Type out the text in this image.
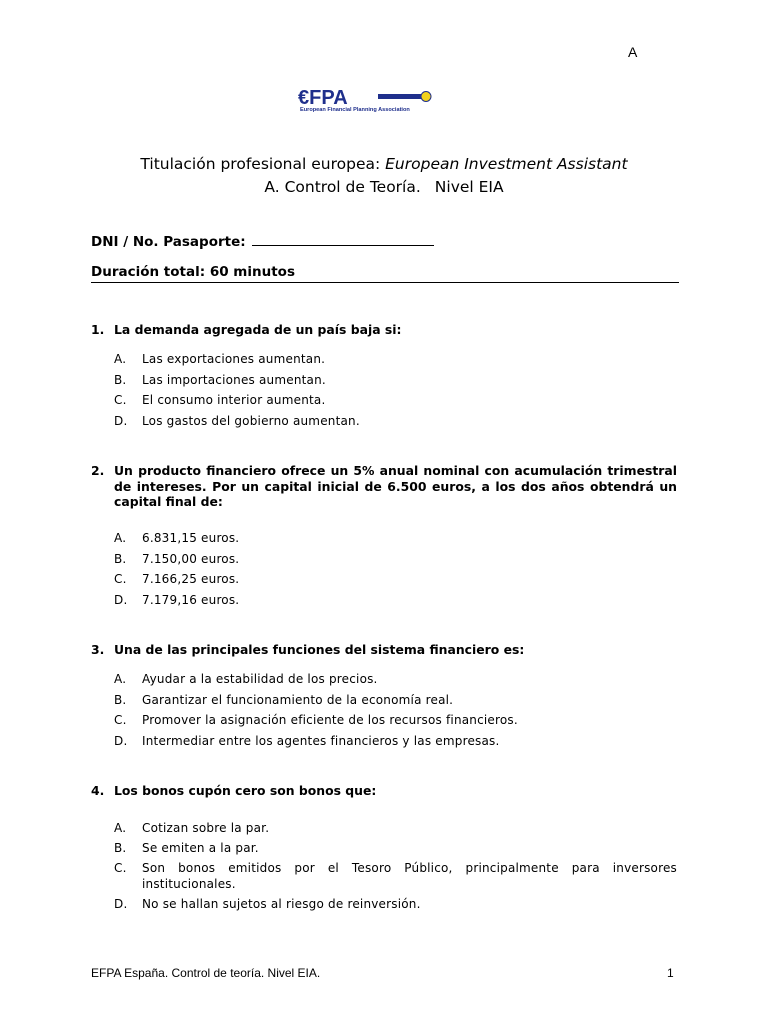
A
€FPA
European Financial Planning Association
Titulación profesional europea: European Investment Assistant
A. Control de Teoría. Nivel EIA
DNI / No. Pasaporte:
Duración total: 60 minutos
1. La demanda agregada de un país baja si:
A. Las exportaciones aumentan.
B. Las importaciones aumentan.
C. El consumo interior aumenta.
D. Los gastos del gobierno aumentan.
2. Un producto financiero ofrece un 5% anual nominal con acumulación trimestral de intereses. Por un capital inicial de 6.500 euros, a los dos años obtendrá un capital final de:
A. 6.831,15 euros.
B. 7.150,00 euros.
C. 7.166,25 euros.
D. 7.179,16 euros.
3. Una de las principales funciones del sistema financiero es:
A. Ayudar a la estabilidad de los precios.
B. Garantizar el funcionamiento de la economía real.
C. Promover la asignación eficiente de los recursos financieros.
D. Intermediar entre los agentes financieros y las empresas.
4. Los bonos cupón cero son bonos que:
A. Cotizan sobre la par.
B. Se emiten a la par.
C. Son bonos emitidos por el Tesoro Público, principalmente para inversores institucionales.
D. No se hallan sujetos al riesgo de reinversión.
EFPA España. Control de teoría. Nivel EIA.	1
